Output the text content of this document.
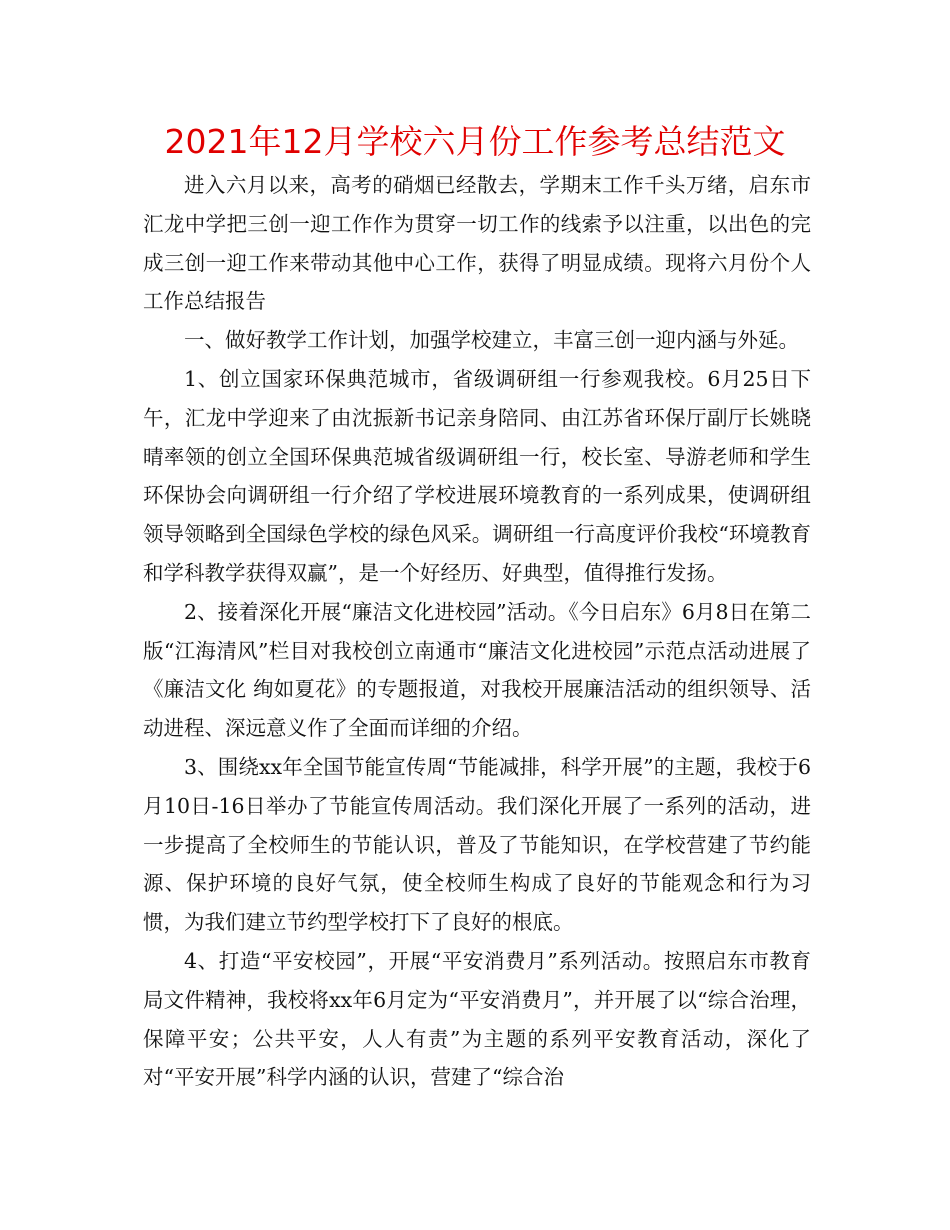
2021年12月学校六月份工作参考总结范文

进入六月以来，高考的硝烟已经散去，学期末工作千头万绪，启东市汇龙中学把三创一迎工作作为贯穿一切工作的线索予以注重，以出色的完成三创一迎工作来带动其他中心工作，获得了明显成绩。现将六月份个人工作总结报告

一、做好教学工作计划，加强学校建立，丰富三创一迎内涵与外延。

1、创立国家环保典范城市，省级调研组一行参观我校。6月25日下午，汇龙中学迎来了由沈振新书记亲身陪同、由江苏省环保厅副厅长姚晓晴率领的创立全国环保典范城省级调研组一行，校长室、导游老师和学生环保协会向调研组一行介绍了学校进展环境教育的一系列成果，使调研组领导领略到全国绿色学校的绿色风采。调研组一行高度评价我校“环境教育和学科教学获得双赢”，是一个好经历、好典型，值得推行发扬。

2、接着深化开展“廉洁文化进校园”活动。《今日启东》6月8日在第二版“江海清风”栏目对我校创立南通市“廉洁文化进校园”示范点活动进展了《廉洁文化 绚如夏花》的专题报道，对我校开展廉洁活动的组织领导、活动进程、深远意义作了全面而详细的介绍。

3、围绕xx年全国节能宣传周“节能减排，科学开展”的主题，我校于6月10日-16日举办了节能宣传周活动。我们深化开展了一系列的活动，进一步提高了全校师生的节能认识，普及了节能知识，在学校营建了节约能源、保护环境的良好气氛，使全校师生构成了良好的节能观念和行为习惯，为我们建立节约型学校打下了良好的根底。

4、打造“平安校园”，开展“平安消费月”系列活动。按照启东市教育局文件精神，我校将xx年6月定为“平安消费月”，并开展了以“综合治理，保障平安；公共平安，人人有责”为主题的系列平安教育活动，深化了对“平安开展”科学内涵的认识，营建了“综合治
